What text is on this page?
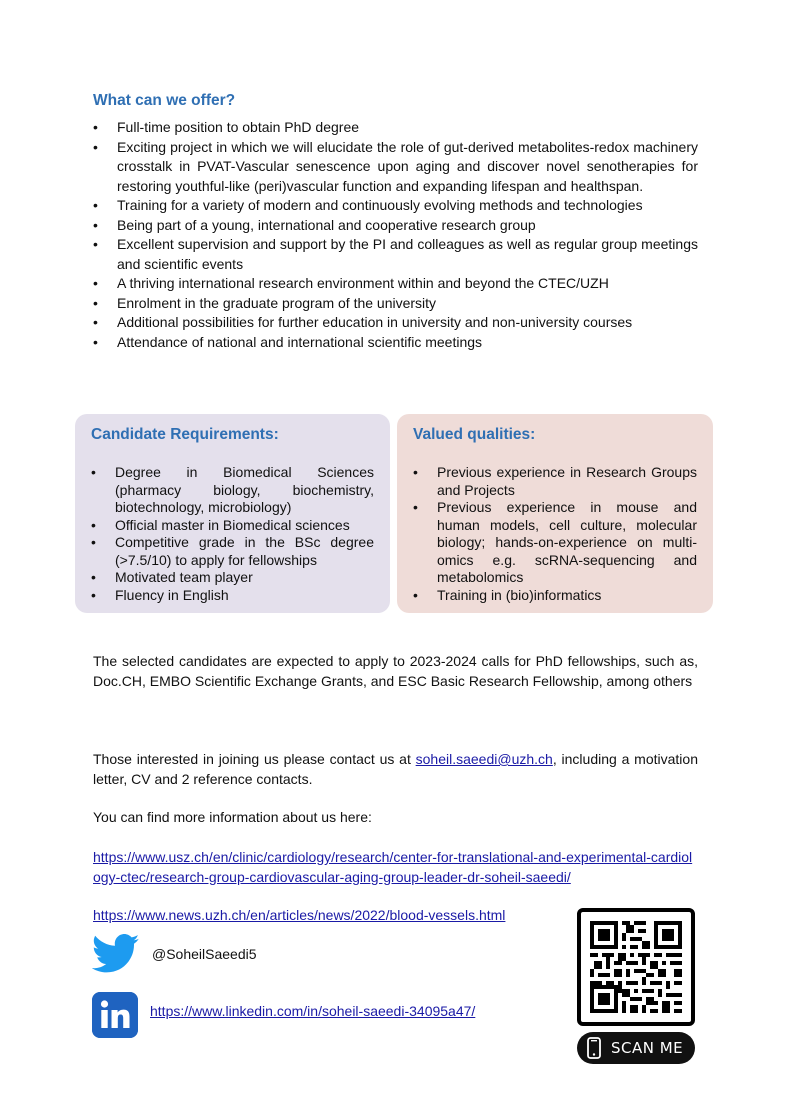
What can we offer?
• Full-time position to obtain PhD degree
• Exciting project in which we will elucidate the role of gut-derived metabolites-redox machinery crosstalk in PVAT-Vascular senescence upon aging and discover novel senotherapies for restoring youthful-like (peri)vascular function and expanding lifespan and healthspan.
• Training for a variety of modern and continuously evolving methods and technologies
• Being part of a young, international and cooperative research group
• Excellent supervision and support by the PI and colleagues as well as regular group meetings and scientific events
• A thriving international research environment within and beyond the CTEC/UZH
• Enrolment in the graduate program of the university
• Additional possibilities for further education in university and non-university courses
• Attendance of national and international scientific meetings
Candidate Requirements:
• Degree in Biomedical Sciences (pharmacy biology, biochemistry, biotechnology, microbiology)
• Official master in Biomedical sciences
• Competitive grade in the BSc degree (>7.5/10) to apply for fellowships
• Motivated team player
• Fluency in English
Valued qualities:
• Previous experience in Research Groups and Projects
• Previous experience in mouse and human models, cell culture, molecular biology; hands-on-experience on multi-omics e.g. scRNA-sequencing and metabolomics
• Training in (bio)informatics

The selected candidates are expected to apply to 2023-2024 calls for PhD fellowships, such as, Doc.CH, EMBO Scientific Exchange Grants, and ESC Basic Research Fellowship, among others

Those interested in joining us please contact us at soheil.saeedi@uzh.ch, including a motivation letter, CV and 2 reference contacts.

You can find more information about us here:

https://www.usz.ch/en/clinic/cardiology/research/center-for-translational-and-experimental-cardiology-ctec/research-group-cardiovascular-aging-group-leader-dr-soheil-saeedi/

https://www.news.uzh.ch/en/articles/news/2022/blood-vessels.html

@SoheilSaeedi5
https://www.linkedin.com/in/soheil-saeedi-34095a47/
SCAN ME
